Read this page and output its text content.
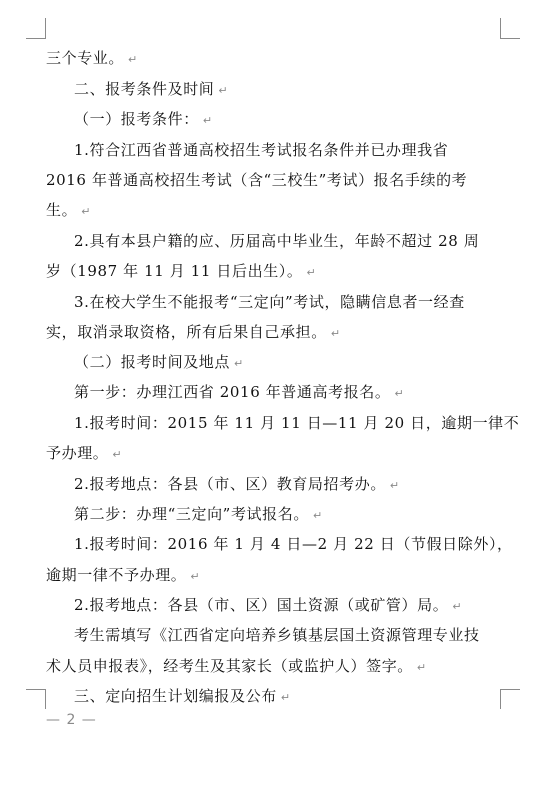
三个专业。 ↵
二、报考条件及时间 ↵
（一）报考条件： ↵
1.符合江西省普通高校招生考试报名条件并已办理我省
2016 年普通高校招生考试（含“三校生”考试）报名手续的考
生。 ↵
2.具有本县户籍的应、历届高中毕业生，年龄不超过 28 周
岁（1987 年 11 月 11 日后出生）。 ↵
3.在校大学生不能报考“三定向”考试，隐瞒信息者一经查
实，取消录取资格，所有后果自己承担。 ↵
（二）报考时间及地点 ↵
第一步：办理江西省 2016 年普通高考报名。 ↵
1.报考时间：2015 年 11 月 11 日—11 月 20 日，逾期一律不
予办理。 ↵
2.报考地点：各县（市、区）教育局招考办。 ↵
第二步：办理“三定向”考试报名。 ↵
1.报考时间：2016 年 1 月 4 日—2 月 22 日（节假日除外），
逾期一律不予办理。 ↵
2.报考地点：各县（市、区）国土资源（或矿管）局。 ↵
考生需填写《江西省定向培养乡镇基层国土资源管理专业技
术人员申报表》，经考生及其家长（或监护人）签字。 ↵
三、定向招生计划编报及公布 ↵
— 2 —
